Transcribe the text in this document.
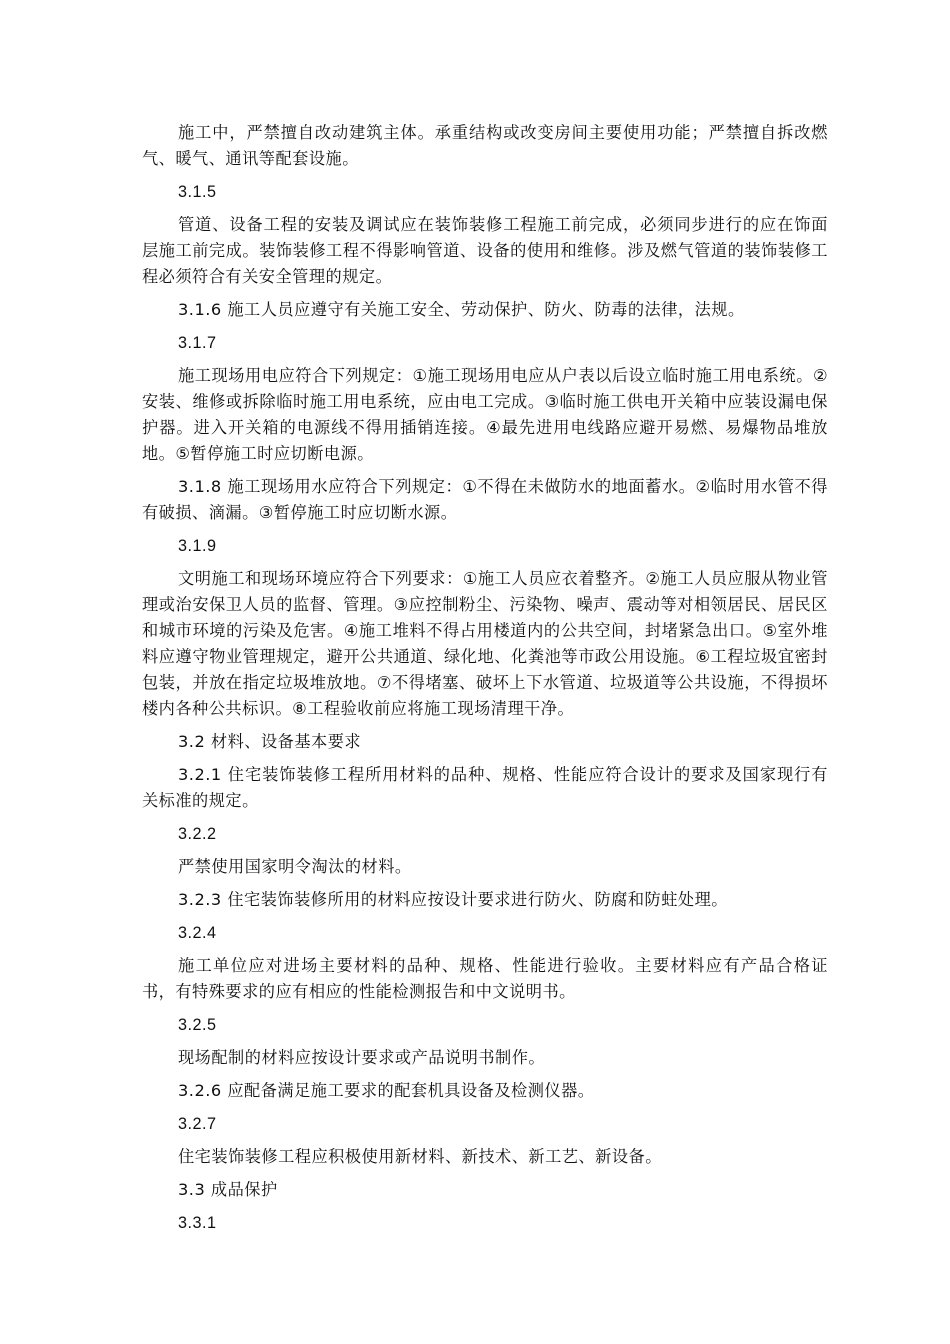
施工中，严禁擅自改动建筑主体。承重结构或改变房间主要使用功能；严禁擅自拆改燃气、暖气、通讯等配套设施。

3.1.5

管道、设备工程的安装及调试应在装饰装修工程施工前完成，必须同步进行的应在饰面层施工前完成。装饰装修工程不得影响管道、设备的使用和维修。涉及燃气管道的装饰装修工程必须符合有关安全管理的规定。

3.1.6 施工人员应遵守有关施工安全、劳动保护、防火、防毒的法律，法规。

3.1.7

施工现场用电应符合下列规定：①施工现场用电应从户表以后设立临时施工用电系统。②安装、维修或拆除临时施工用电系统，应由电工完成。③临时施工供电开关箱中应装设漏电保护器。进入开关箱的电源线不得用插销连接。④最先进用电线路应避开易燃、易爆物品堆放地。⑤暂停施工时应切断电源。

3.1.8 施工现场用水应符合下列规定：①不得在未做防水的地面蓄水。②临时用水管不得有破损、滴漏。③暂停施工时应切断水源。

3.1.9

文明施工和现场环境应符合下列要求：①施工人员应衣着整齐。②施工人员应服从物业管理或治安保卫人员的监督、管理。③应控制粉尘、污染物、噪声、震动等对相领居民、居民区和城市环境的污染及危害。④施工堆料不得占用楼道内的公共空间，封堵紧急出口。⑤室外堆料应遵守物业管理规定，避开公共通道、绿化地、化粪池等市政公用设施。⑥工程垃圾宜密封包装，并放在指定垃圾堆放地。⑦不得堵塞、破坏上下水管道、垃圾道等公共设施，不得损坏楼内各种公共标识。⑧工程验收前应将施工现场清理干净。

3.2 材料、设备基本要求

3.2.1 住宅装饰装修工程所用材料的品种、规格、性能应符合设计的要求及国家现行有关标准的规定。

3.2.2

严禁使用国家明令淘汰的材料。

3.2.3 住宅装饰装修所用的材料应按设计要求进行防火、防腐和防蛀处理。

3.2.4

施工单位应对进场主要材料的品种、规格、性能进行验收。主要材料应有产品合格证书，有特殊要求的应有相应的性能检测报告和中文说明书。

3.2.5

现场配制的材料应按设计要求或产品说明书制作。

3.2.6 应配备满足施工要求的配套机具设备及检测仪器。

3.2.7

住宅装饰装修工程应积极使用新材料、新技术、新工艺、新设备。

3.3 成品保护

3.3.1
